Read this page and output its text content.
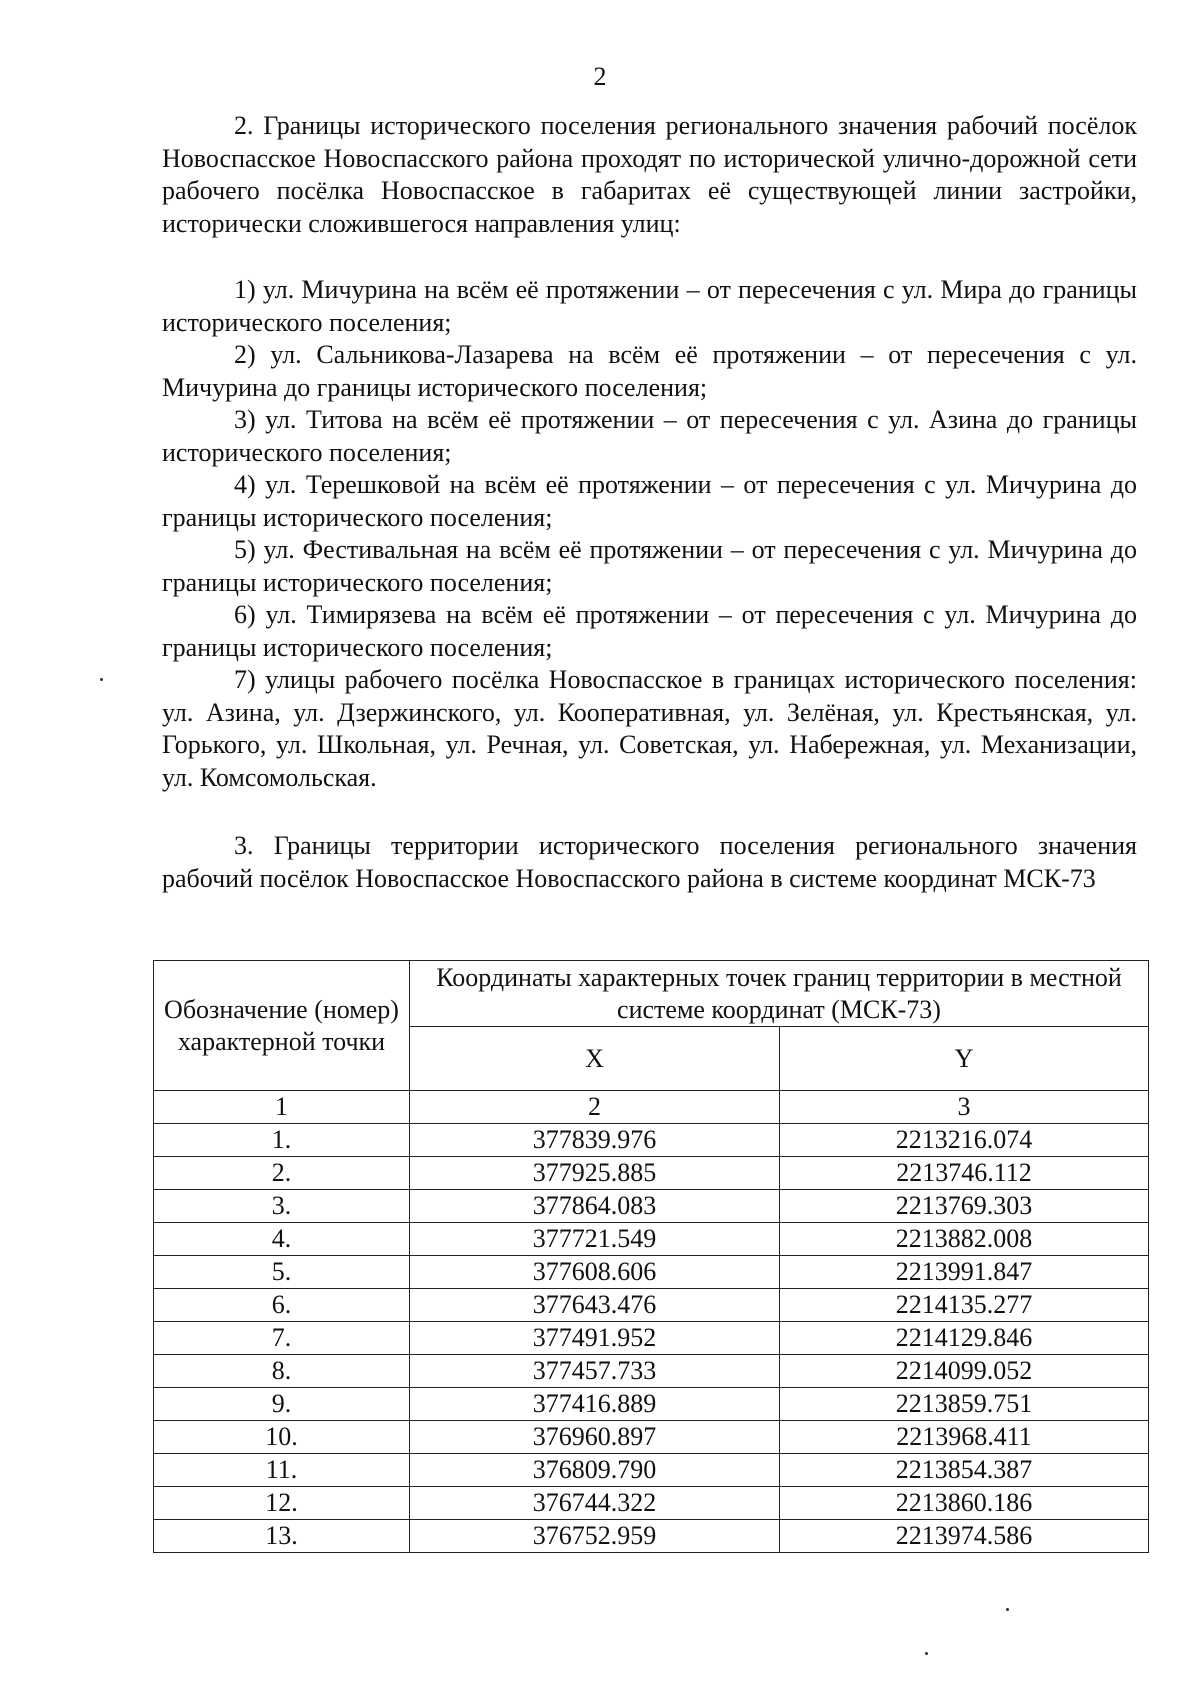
2

2. Границы исторического поселения регионального значения рабочий посёлок Новоспасское Новоспасского района проходят по исторической улично-дорожной сети рабочего посёлка Новоспасское в габаритах её существующей линии застройки, исторически сложившегося направления улиц:

1) ул. Мичурина на всём её протяжении – от пересечения с ул. Мира до границы исторического поселения;

2) ул. Сальникова-Лазарева на всём её протяжении – от пересечения с ул. Мичурина до границы исторического поселения;

3) ул. Титова на всём её протяжении – от пересечения с ул. Азина до границы исторического поселения;

4) ул. Терешковой на всём её протяжении – от пересечения с ул. Мичурина до границы исторического поселения;

5) ул. Фестивальная на всём её протяжении – от пересечения с ул. Мичурина до границы исторического поселения;

6) ул. Тимирязева на всём её протяжении – от пересечения с ул. Мичурина до границы исторического поселения;

7) улицы рабочего посёлка Новоспасское в границах исторического поселения: ул. Азина, ул. Дзержинского, ул. Кооперативная, ул. Зелёная, ул. Крестьянская, ул. Горького, ул. Школьная, ул. Речная, ул. Советская, ул. Набережная, ул. Механизации, ул. Комсомольская.

3. Границы территории исторического поселения регионального значения рабочий посёлок Новоспасское Новоспасского района в системе координат МСК-73

Обозначение (номер) характерной точки	Координаты характерных точек границ территории в местной системе координат (МСК-73)	
	X	Y
1	2	3
1.	377839.976	2213216.074
2.	377925.885	2213746.112
3.	377864.083	2213769.303
4.	377721.549	2213882.008
5.	377608.606	2213991.847
6.	377643.476	2214135.277
7.	377491.952	2214129.846
8.	377457.733	2214099.052
9.	377416.889	2213859.751
10.	376960.897	2213968.411
11.	376809.790	2213854.387
12.	376744.322	2213860.186
13.	376752.959	2213974.586
